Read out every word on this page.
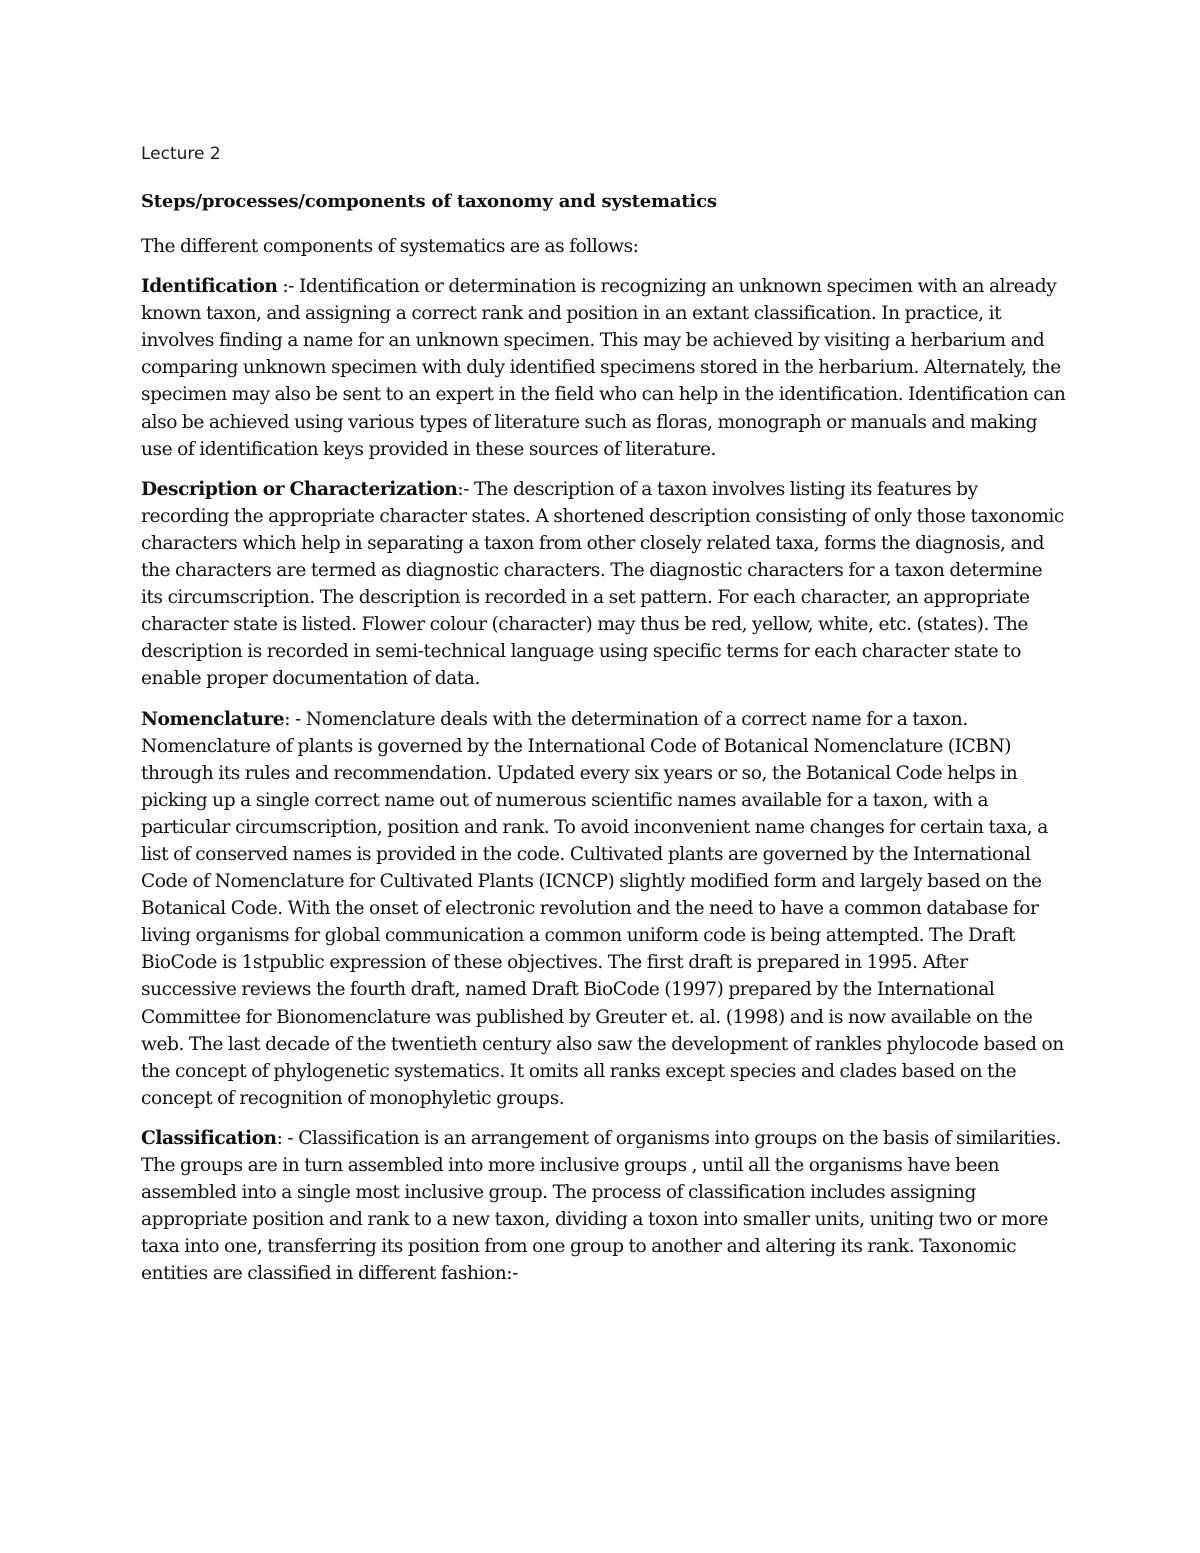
Lecture 2

Steps/processes/components of taxonomy and systematics

The different components of systematics are as follows:

Identification :- Identification or determination is recognizing an unknown specimen with an already known taxon, and assigning a correct rank and position in an extant classification. In practice, it involves finding a name for an unknown specimen. This may be achieved by visiting a herbarium and comparing unknown specimen with duly identified specimens stored in the herbarium. Alternately, the specimen may also be sent to an expert in the field who can help in the identification. Identification can also be achieved using various types of literature such as floras, monograph or manuals and making use of identification keys provided in these sources of literature.

Description or Characterization:- The description of a taxon involves listing its features by recording the appropriate character states. A shortened description consisting of only those taxonomic characters which help in separating a taxon from other closely related taxa, forms the diagnosis, and the characters are termed as diagnostic characters. The diagnostic characters for a taxon determine its circumscription. The description is recorded in a set pattern. For each character, an appropriate character state is listed. Flower colour (character) may thus be red, yellow, white, etc. (states). The description is recorded in semi-technical language using specific terms for each character state to enable proper documentation of data.

Nomenclature: - Nomenclature deals with the determination of a correct name for a taxon. Nomenclature of plants is governed by the International Code of Botanical Nomenclature (ICBN) through its rules and recommendation. Updated every six years or so, the Botanical Code helps in picking up a single correct name out of numerous scientific names available for a taxon, with a particular circumscription, position and rank. To avoid inconvenient name changes for certain taxa, a list of conserved names is provided in the code. Cultivated plants are governed by the International Code of Nomenclature for Cultivated Plants (ICNCP) slightly modified form and largely based on the Botanical Code. With the onset of electronic revolution and the need to have a common database for living organisms for global communication a common uniform code is being attempted. The Draft BioCode is 1stpublic expression of these objectives. The first draft is prepared in 1995. After successive reviews the fourth draft, named Draft BioCode (1997) prepared by the International Committee for Bionomenclature was published by Greuter et. al. (1998) and is now available on the web. The last decade of the twentieth century also saw the development of rankles phylocode based on the concept of phylogenetic systematics. It omits all ranks except species and clades based on the concept of recognition of monophyletic groups.

Classification: - Classification is an arrangement of organisms into groups on the basis of similarities. The groups are in turn assembled into more inclusive groups , until all the organisms have been assembled into a single most inclusive group. The process of classification includes assigning appropriate position and rank to a new taxon, dividing a toxon into smaller units, uniting two or more taxa into one, transferring its position from one group to another and altering its rank. Taxonomic entities are classified in different fashion:-
